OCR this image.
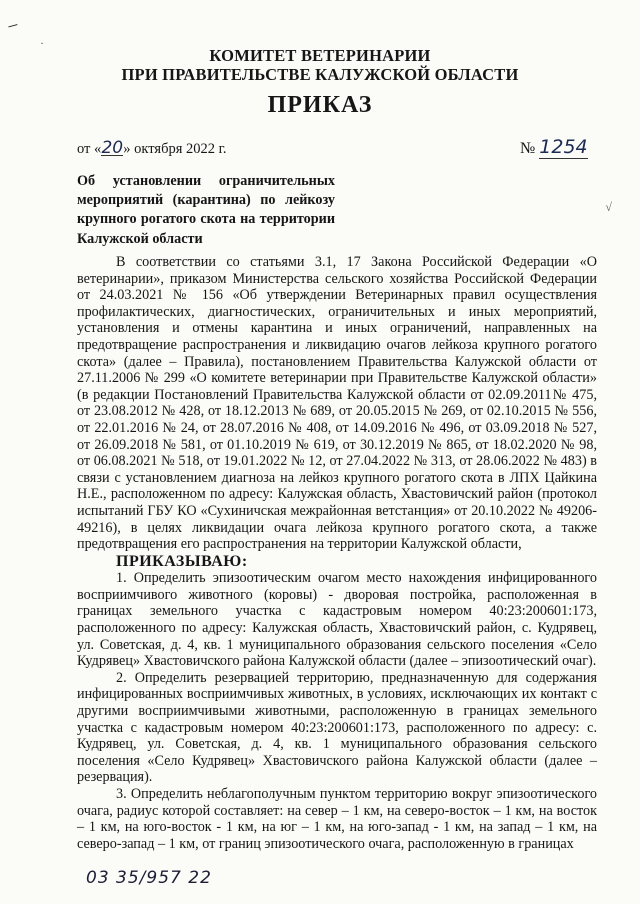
–
·
√
КОМИТЕТ ВЕТЕРИНАРИИ
ПРИ ПРАВИТЕЛЬСТВЕ КАЛУЖСКОЙ ОБЛАСТИ
ПРИКАЗ
от «20» октября 2022 г.	№ 1254
Об установлении ограничительных мероприятий (карантина) по лейкозу крупного рогатого скота на территории Калужской области

В соответствии со статьями 3.1, 17 Закона Российской Федерации «О ветеринарии», приказом Министерства сельского хозяйства Российской Федерации от 24.03.2021 № 156 «Об утверждении Ветеринарных правил осуществления профилактических, диагностических, ограничительных и иных мероприятий, установления и отмены карантина и иных ограничений, направленных на предотвращение распространения и ликвидацию очагов лейкоза крупного рогатого скота» (далее – Правила), постановлением Правительства Калужской области от 27.11.2006 № 299 «О комитете ветеринарии при Правительстве Калужской области» (в редакции Постановлений Правительства Калужской области от 02.09.2011№ 475, от 23.08.2012 № 428, от 18.12.2013 № 689, от 20.05.2015 № 269, от 02.10.2015 № 556, от 22.01.2016 № 24, от 28.07.2016 № 408, от 14.09.2016 № 496, от 03.09.2018 № 527, от 26.09.2018 № 581, от 01.10.2019 № 619, от 30.12.2019 № 865, от 18.02.2020 № 98, от 06.08.2021 № 518, от 19.01.2022 № 12, от 27.04.2022 № 313, от 28.06.2022 № 483) в связи с установлением диагноза на лейкоз крупного рогатого скота в ЛПХ Цайкина Н.Е., расположенном по адресу: Калужская область, Хвастовичский район (протокол испытаний ГБУ КО «Сухиничская межрайонная ветстанция» от 20.10.2022 № 49206-49216), в целях ликвидации очага лейкоза крупного рогатого скота, а также предотвращения его распространения на территории Калужской области,

ПРИКАЗЫВАЮ:

1. Определить эпизоотическим очагом место нахождения инфицированного восприимчивого животного (коровы) - дворовая постройка, расположенная в границах земельного участка с кадастровым номером 40:23:200601:173, расположенного по адресу: Калужская область, Хвастовичский район, с. Кудрявец, ул. Советская, д. 4, кв. 1 муниципального образования сельского поселения «Село Кудрявец» Хвастовичского района Калужской области (далее – эпизоотический очаг).

2. Определить резервацией территорию, предназначенную для содержания инфицированных восприимчивых животных, в условиях, исключающих их контакт с другими восприимчивыми животными, расположенную в границах земельного участка с кадастровым номером 40:23:200601:173, расположенного по адресу: с. Кудрявец, ул. Советская, д. 4, кв. 1 муниципального образования сельского поселения «Село Кудрявец» Хвастовичского района Калужской области (далее – резервация).

3. Определить неблагополучным пунктом территорию вокруг эпизоотического очага, радиус которой составляет: на север – 1 км, на северо-восток – 1 км, на восток – 1 км, на юго-восток - 1 км, на юг – 1 км, на юго-запад - 1 км, на запад – 1 км, на северо-запад – 1 км, от границ эпизоотического очага, расположенную в границах

03 35/957 22
